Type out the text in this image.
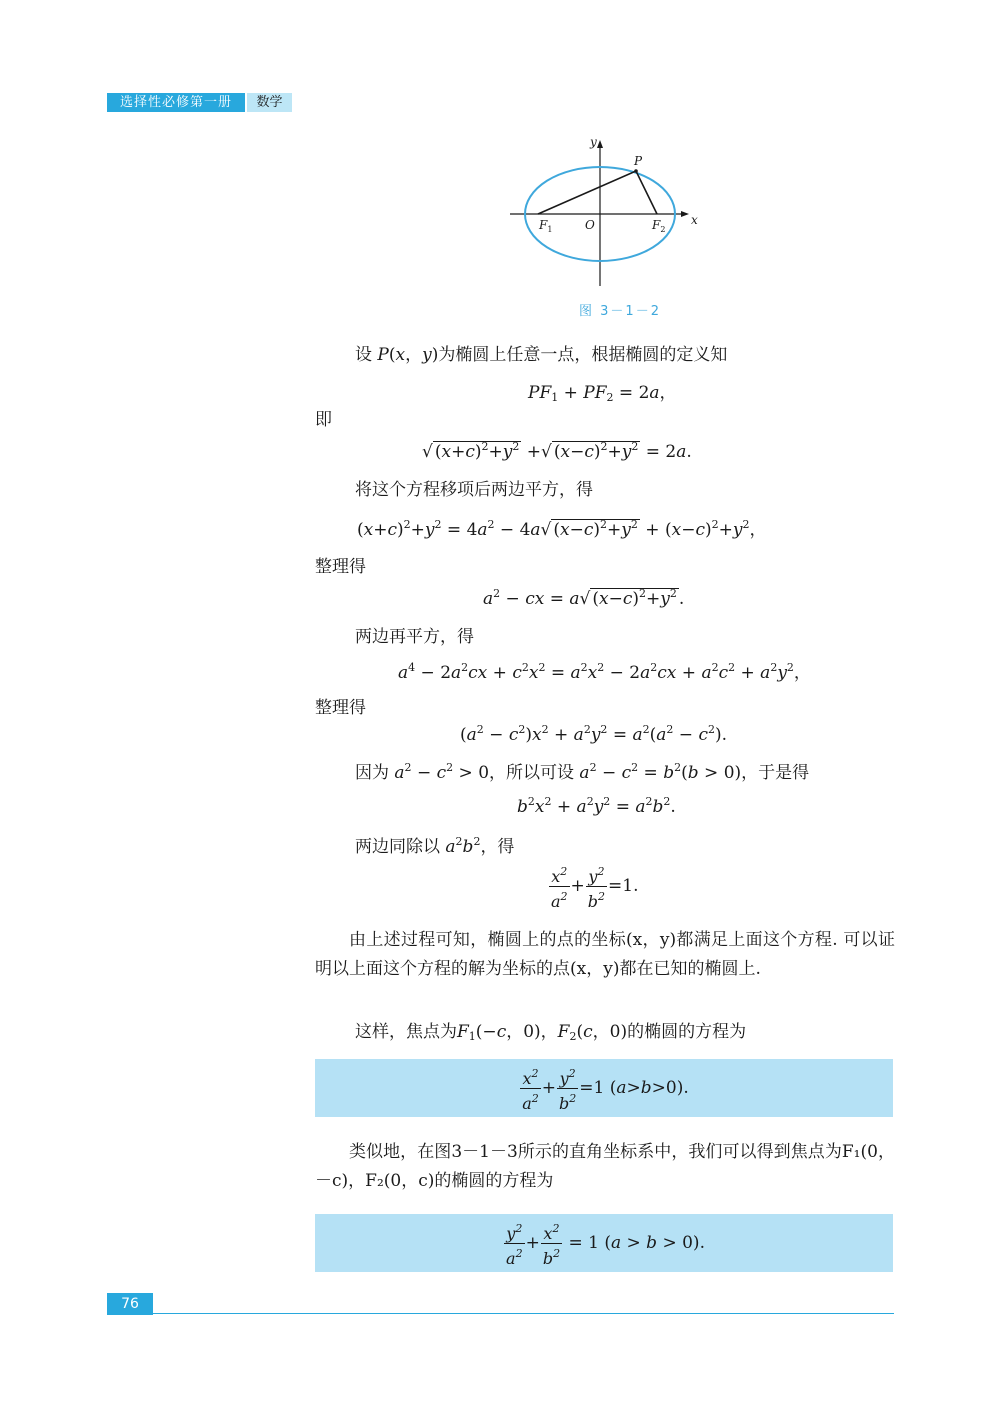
选择性必修第一册	数学
y
x
P
O
$F_1$	$F_2$
图 3－1－2
设 P(x，y)为椭圆上任意一点，根据椭圆的定义知
$PF_1 + PF_2 = 2a$，
即
√ $(x+c)^2+y^2$ +√ $(x-c)^2+y^2 = 2a$.
将这个方程移项后两边平方，得
$(x+c)^2+y^2 = 4a^2 - 4a√$ $(x-c)^2+y^2 + (x-c)^2+y^2$，
整理得
$a^2$ − cx = a√ $(x-c)^2+y^2$ .
两边再平方，得
$a^4 - 2a^2cx + c^2x^2 = a^2x^2 - 2a^2cx + a^2c^2 + a^2y^2$，
整理得
$(a^2 - c^2)x^2 + a^2y^2 = a^2(a^2 - c^2)$.
因为 $a^2 - c^2 > 0$，所以可设 $a^2 - c^2 = b^2(b > 0)$，于是得
$b^2x^2 + a^2y^2 = a^2b^2$.
两边同除以 $a^2b^2$，得
$\frac{x^2}{a^2} + \frac{y^2}{b^2} =1$.
由上述过程可知，椭圆上的点的坐标(x，y)都满足上面这个方程. 可以证明以上面这个方程的解为坐标的点(x，y)都在已知的椭圆上.
这样，焦点为$F_1(-c$，0)，$F_2(c$，0)的椭圆的方程为
$\frac{x^2}{a^2} + \frac{y^2}{b^2} =1$ (a>b>0).
类似地，在图3－1－3所示的直角坐标系中，我们可以得到焦点为F₁(0，－c)，F₂(0，c)的椭圆的方程为
$\frac{y^2}{a^2} + \frac{x^2}{b^2} = 1$ (a > b > 0).
76
